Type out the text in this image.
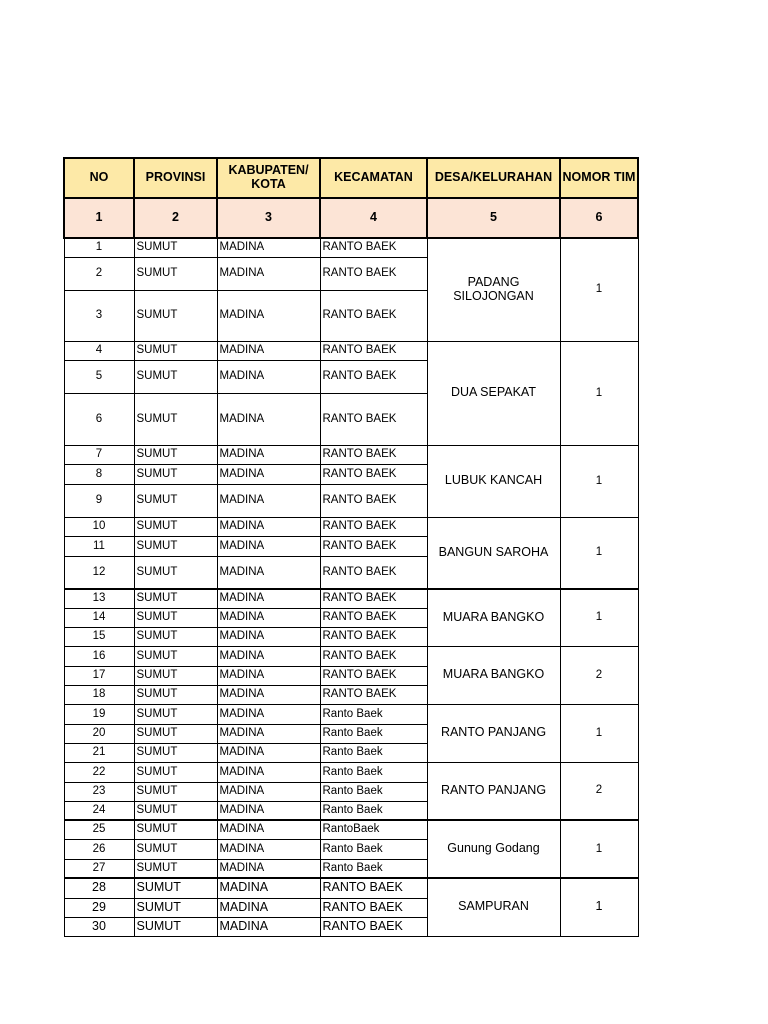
NO	PROVINSI	KABUPATEN/ KOTA	KECAMATAN	DESA/KELURAHAN	NOMOR TIM
1	2	3	4	5	6
1	SUMUT	MADINA	RANTO BAEK	PADANG SILOJONGAN	1
2	SUMUT	MADINA	RANTO BAEK		
3	SUMUT	MADINA	RANTO BAEK		
4	SUMUT	MADINA	RANTO BAEK	DUA SEPAKAT	1
5	SUMUT	MADINA	RANTO BAEK		
6	SUMUT	MADINA	RANTO BAEK		
7	SUMUT	MADINA	RANTO BAEK	LUBUK KANCAH	1
8	SUMUT	MADINA	RANTO BAEK		
9	SUMUT	MADINA	RANTO BAEK		
10	SUMUT	MADINA	RANTO BAEK	BANGUN SAROHA	1
11	SUMUT	MADINA	RANTO BAEK		
12	SUMUT	MADINA	RANTO BAEK		
13	SUMUT	MADINA	RANTO BAEK	MUARA BANGKO	1
14	SUMUT	MADINA	RANTO BAEK		
15	SUMUT	MADINA	RANTO BAEK		
16	SUMUT	MADINA	RANTO BAEK	MUARA BANGKO	2
17	SUMUT	MADINA	RANTO BAEK		
18	SUMUT	MADINA	RANTO BAEK		
19	SUMUT	MADINA	Ranto Baek	RANTO PANJANG	1
20	SUMUT	MADINA	Ranto Baek		
21	SUMUT	MADINA	Ranto Baek		
22	SUMUT	MADINA	Ranto Baek	RANTO PANJANG	2
23	SUMUT	MADINA	Ranto Baek		
24	SUMUT	MADINA	Ranto Baek		
25	SUMUT	MADINA	RantoBaek	Gunung Godang	1
26	SUMUT	MADINA	Ranto Baek		
27	SUMUT	MADINA	Ranto Baek		
28	SUMUT	MADINA	RANTO BAEK	SAMPURAN	1
29	SUMUT	MADINA	RANTO BAEK		
30	SUMUT	MADINA	RANTO BAEK		
